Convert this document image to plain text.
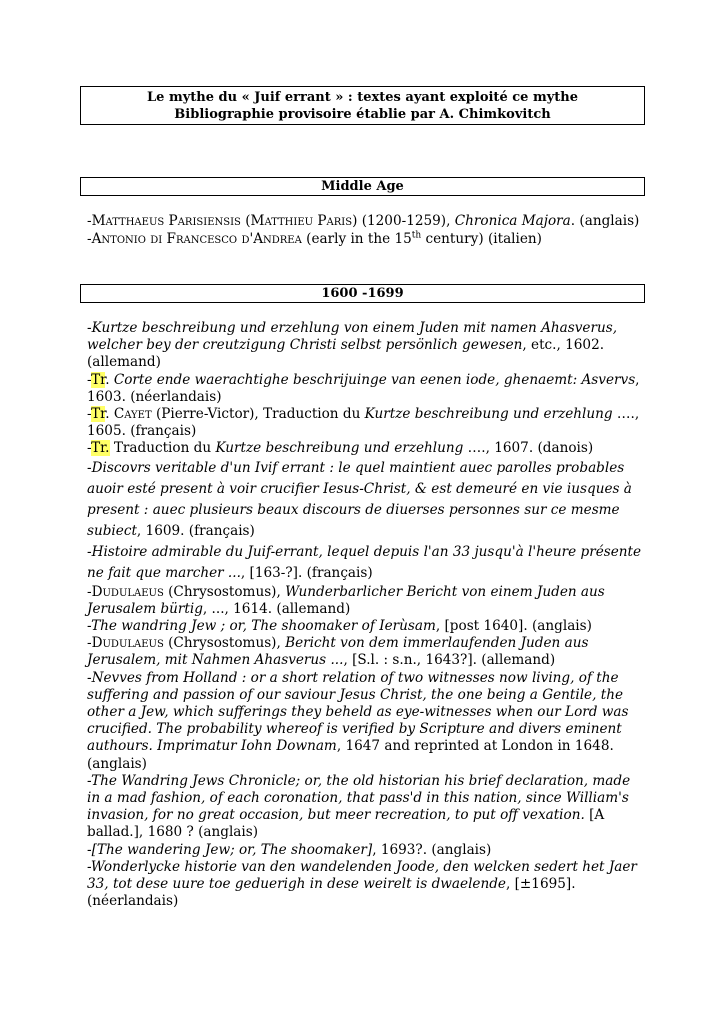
Le mythe du « Juif errant » : textes ayant exploité ce mythe
Bibliographie provisoire établie par A. Chimkovitch
Middle Age

-Matthaeus Parisiensis (Matthieu Paris) (1200-1259), Chronica Majora. (anglais)

-Antonio di Francesco d'Andrea (early in the 15th century) (italien)

1600 -1699

-Kurtze beschreibung und erzehlung von einem Juden mit namen Ahasverus, welcher bey der creutzigung Christi selbst persönlich gewesen, etc., 1602. (allemand)

-Tr. Corte ende waerachtighe beschrijuinge van eenen iode, ghenaemt: Asvervs, 1603. (néerlandais)

-Tr. Cayet (Pierre-Victor), Traduction du Kurtze beschreibung und erzehlung …., 1605. (français)

-Tr. Traduction du Kurtze beschreibung und erzehlung …., 1607. (danois)

-Discovrs veritable d'un Ivif errant : le quel maintient auec parolles probables auoir esté present à voir crucifier Iesus-Christ, & est demeuré en vie iusques à present : auec plusieurs beaux discours de diuerses personnes sur ce mesme subiect, 1609. (français)

-Histoire admirable du Juif-errant, lequel depuis l'an 33 jusqu'à l'heure présente ne fait que marcher ..., [163-?]. (français)

-Dudulaeus (Chrysostomus), Wunderbarlicher Bericht von einem Juden aus Jerusalem bürtig, ..., 1614. (allemand)

-The wandring Jew ; or, The shoomaker of Ierùsam, [post 1640]. (anglais)

-Dudulaeus (Chrysostomus), Bericht von dem immerlaufenden Juden aus Jerusalem, mit Nahmen Ahasverus ..., [S.l. : s.n., 1643?]. (allemand)

-Nevves from Holland : or a short relation of two witnesses now living, of the suffering and passion of our saviour Jesus Christ, the one being a Gentile, the other a Jew, which sufferings they beheld as eye-witnesses when our Lord was crucified. The probability whereof is verified by Scripture and divers eminent authours. Imprimatur Iohn Downam, 1647 and reprinted at London in 1648. (anglais)

-The Wandring Jews Chronicle; or, the old historian his brief declaration, made in a mad fashion, of each coronation, that pass'd in this nation, since William's invasion, for no great occasion, but meer recreation, to put off vexation. [A ballad.], 1680 ? (anglais)

-[The wandering Jew; or, The shoomaker], 1693?. (anglais)

-Wonderlycke historie van den wandelenden Joode, den welcken sedert het Jaer 33, tot dese uure toe geduerigh in dese weirelt is dwaelende, [±1695]. (néerlandais)
